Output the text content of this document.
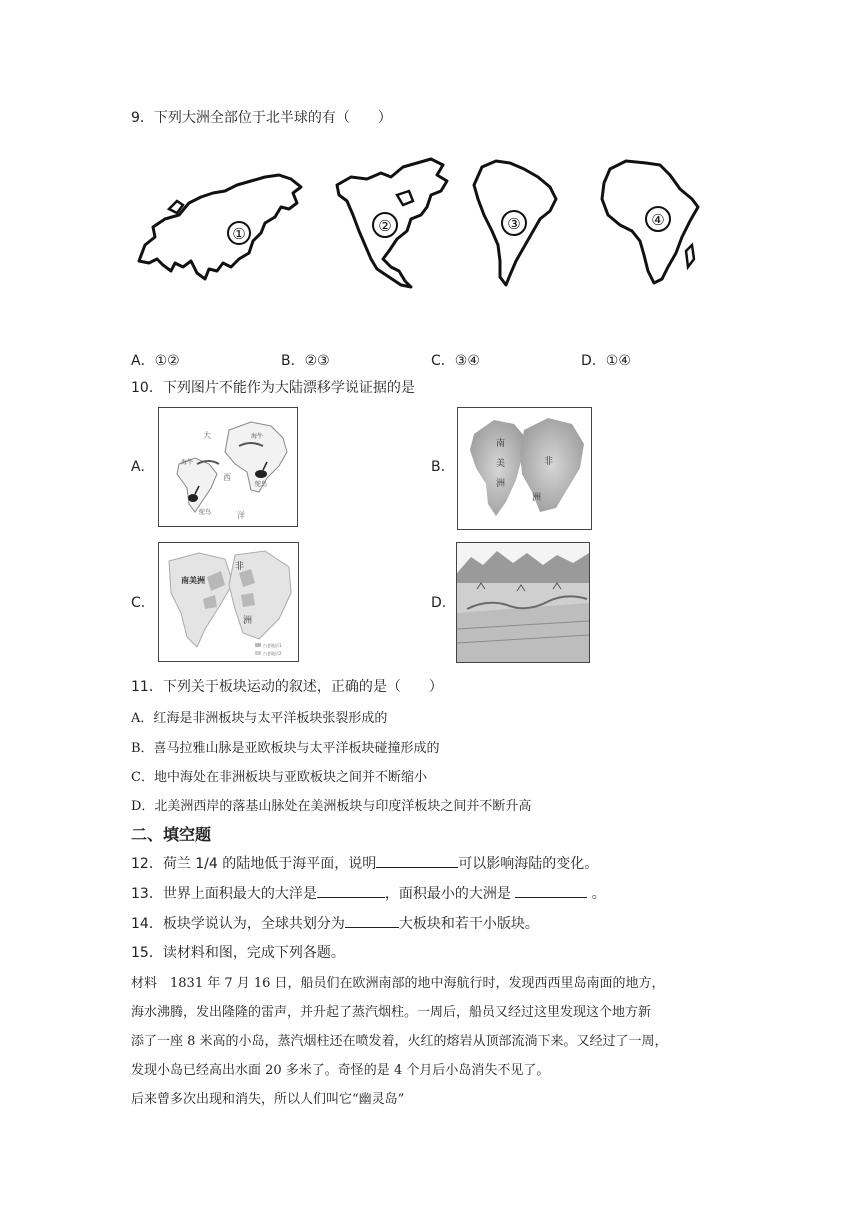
9．下列大洲全部位于北半球的有（　　）
①	②	③	④
A．①②	B．②③	C．③④	D．①④
10．下列图片不能作为大陆漂移学说证据的是
A.
大
海牛
海牛
鸵鸟
鸵鸟
西
洋
B.
南
美
洲
非
洲
C.
南美洲
非
洲
古老地层1
古老地层2
D.
11．下列关于板块运动的叙述，正确的是（　　）
A．红海是非洲板块与太平洋板块张裂形成的
B．喜马拉雅山脉是亚欧板块与太平洋板块碰撞形成的
C．地中海处在非洲板块与亚欧板块之间并不断缩小
D．北美洲西岸的落基山脉处在美洲板块与印度洋板块之间并不断升高
二、填空题
12．荷兰 1/4 的陆地低于海平面，说明	可以影响海陆的变化。
13．世界上面积最大的大洋是	，面积最小的大洲是	。
14．板块学说认为，全球共划分为	大板块和若干小版块。
15．读材料和图，完成下列各题。
材料　1831 年 7 月 16 日，船员们在欧洲南部的地中海航行时，发现西西里岛南面的地方，
海水沸腾，发出隆隆的雷声，并升起了蒸汽烟柱。一周后，船员又经过这里发现这个地方新
添了一座 8 米高的小岛，蒸汽烟柱还在喷发着，火红的熔岩从顶部流淌下来。又经过了一周，
发现小岛已经高出水面 20 多米了。奇怪的是 4 个月后小岛消失不见了。
后来曾多次出现和消失，所以人们叫它“幽灵岛”
